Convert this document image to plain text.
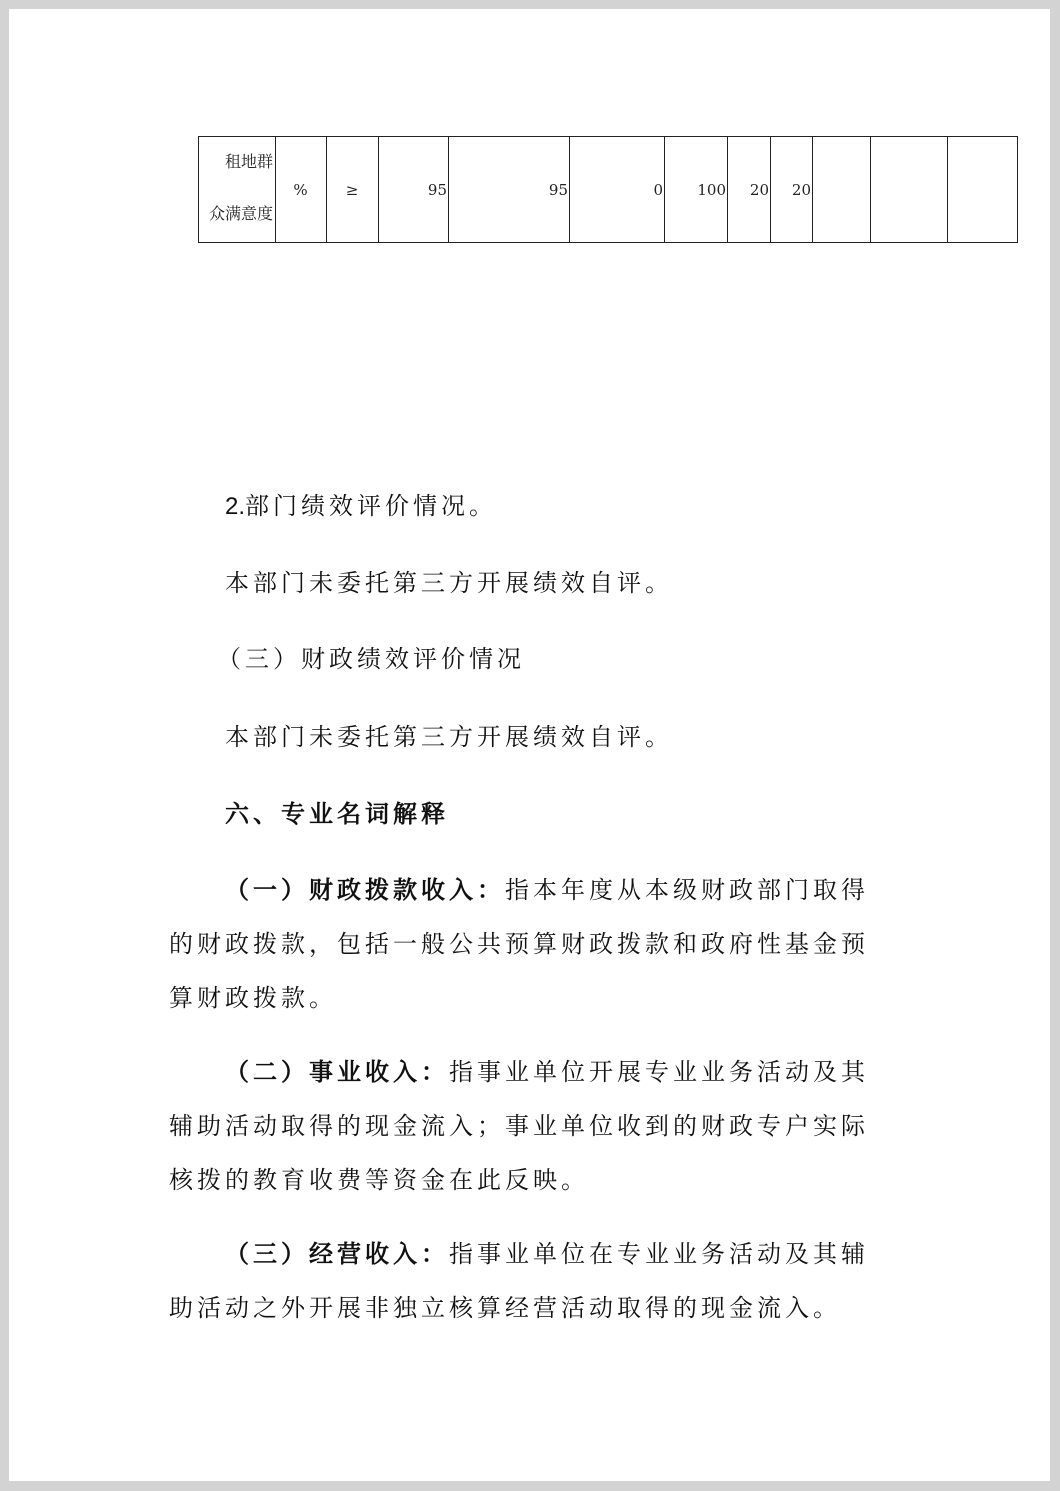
租地群
众满意度
	%	≥	95	95	0	100	20	20			

2.部门绩效评价情况。

本部门未委托第三方开展绩效自评。

（三）财政绩效评价情况

本部门未委托第三方开展绩效自评。

六、专业名词解释

（一）财政拨款收入：指本年度从本级财政部门取得

的财政拨款，包括一般公共预算财政拨款和政府性基金预

算财政拨款。

（二）事业收入：指事业单位开展专业业务活动及其

辅助活动取得的现金流入；事业单位收到的财政专户实际

核拨的教育收费等资金在此反映。

（三）经营收入：指事业单位在专业业务活动及其辅

助活动之外开展非独立核算经营活动取得的现金流入。
